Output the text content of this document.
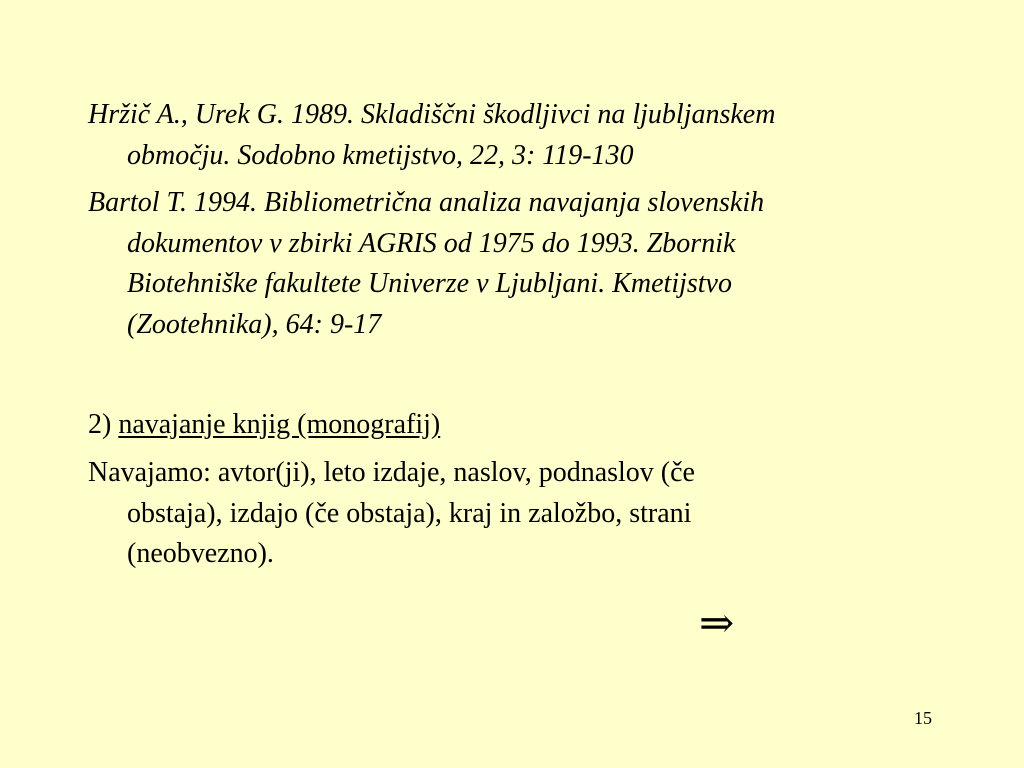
Hržič A., Urek G. 1989. Skladiščni škodljivci na ljubljanskem
območju. Sodobno kmetijstvo, 22, 3: 119-130

Bartol T. 1994. Bibliometrična analiza navajanja slovenskih
dokumentov v zbirki AGRIS od 1975 do 1993. Zbornik
Biotehniške fakultete Univerze v Ljubljani. Kmetijstvo
(Zootehnika), 64: 9-17

2) navajanje knjig (monografij)

Navajamo: avtor(ji), leto izdaje, naslov, podnaslov (če
obstaja), izdajo (če obstaja), kraj in založbo, strani
(neobvezno).

⇒
15
